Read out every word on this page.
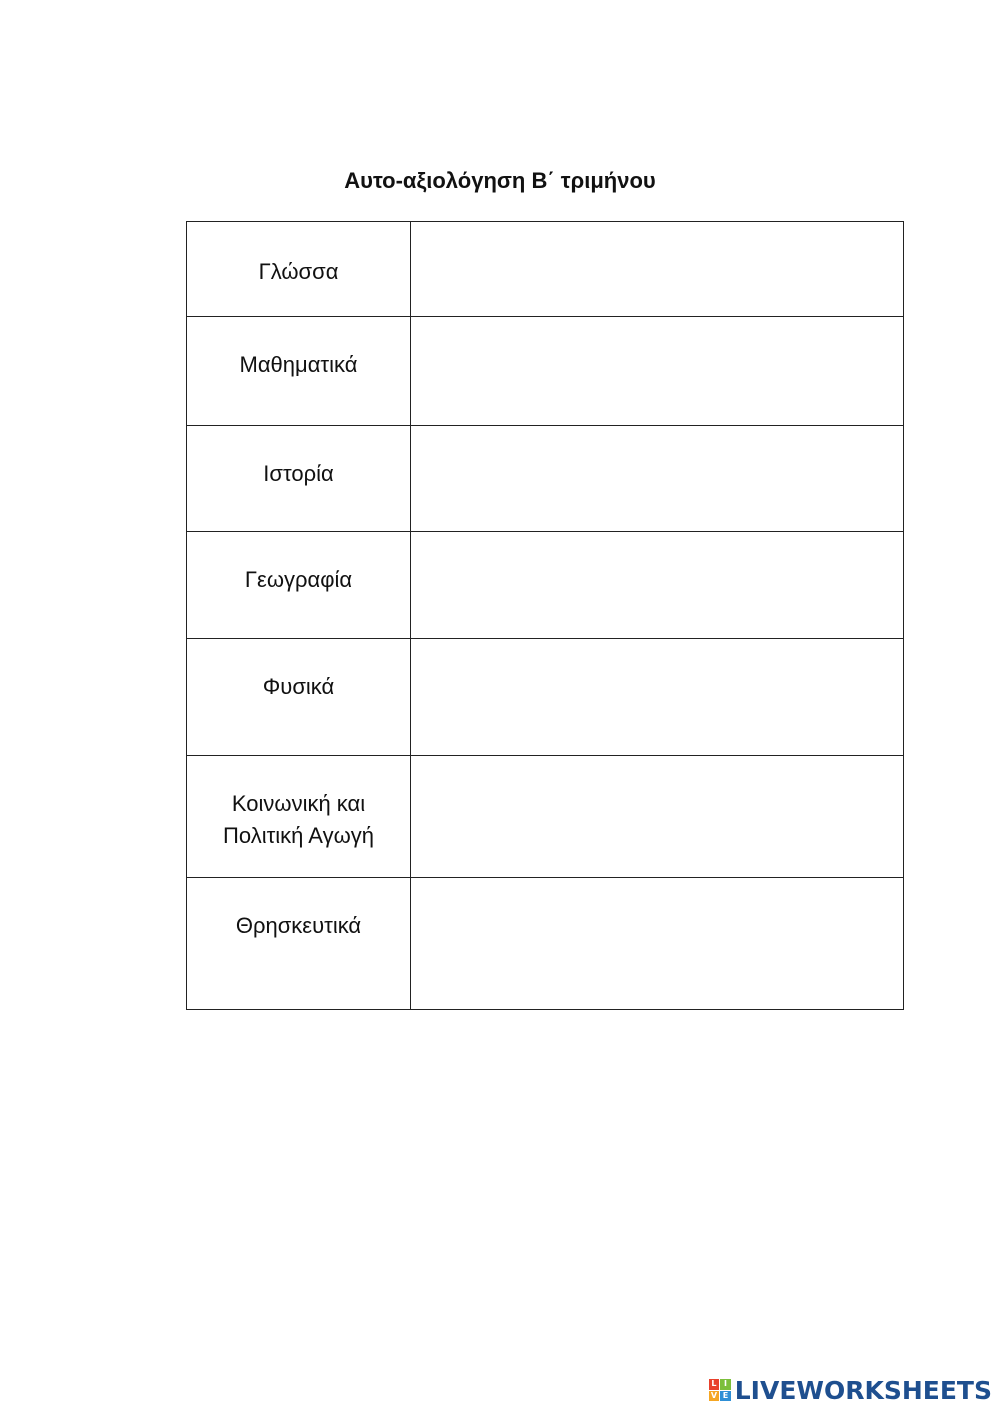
Αυτο-αξιολόγηση Β΄ τριμήνου
Γλώσσα	

Μαθηματικά	

Ιστορία	

Γεωγραφία	

Φυσικά	

Κοινωνική και Πολιτική Αγωγή	

Θρησκευτικά	
L I
V E LIVEWORKSHEETS
